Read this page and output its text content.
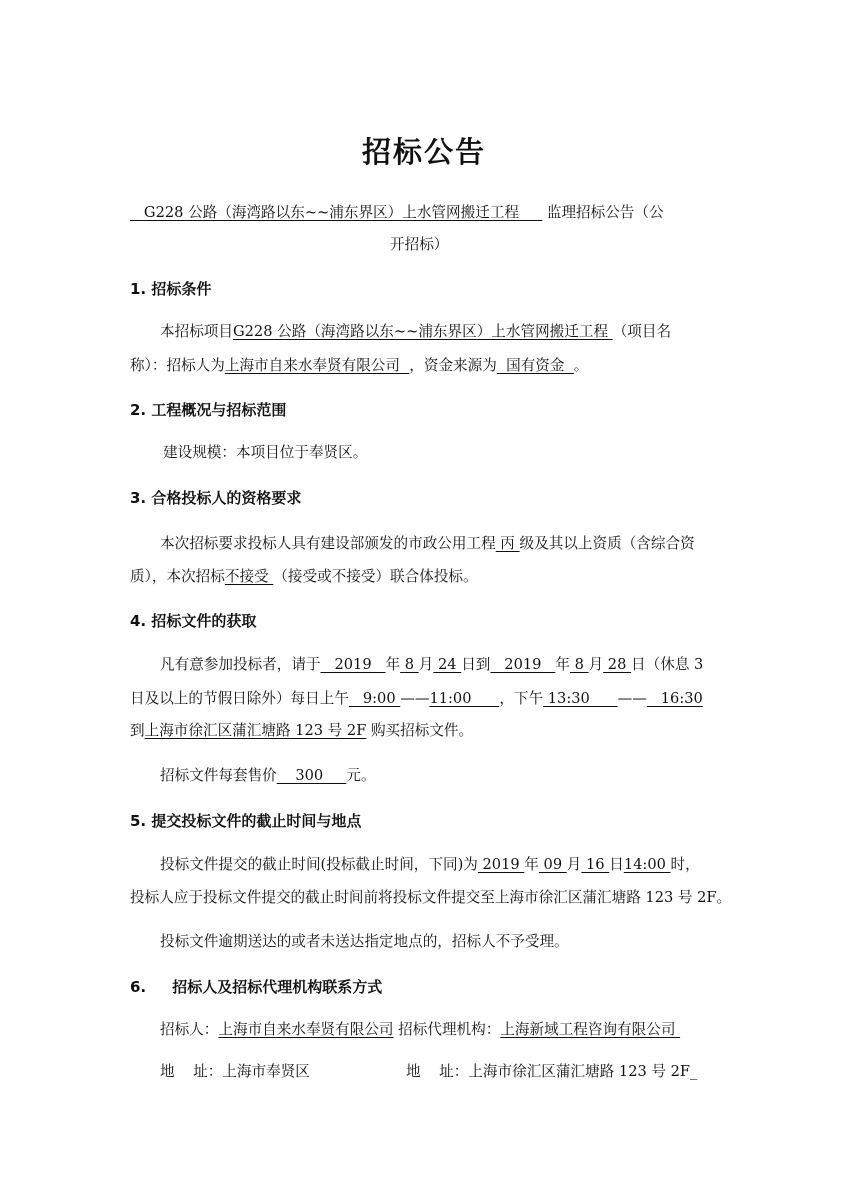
招标公告
G228 公路（海湾路以东~~浦东界区）上水管网搬迁工程 监理招标公告（公
开招标）
1. 招标条件
本招标项目G228 公路（海湾路以东~~浦东界区）上水管网搬迁工程 （项目名
称）：招标人为上海市自来水奉贤有限公司  ，资金来源为  国有资金  。
2. 工程概况与招标范围
建设规模：本项目位于奉贤区。
3. 合格投标人的资格要求
本次招标要求投标人具有建设部颁发的市政公用工程 丙 级及其以上资质（含综合资
质），本次招标不接受 （接受或不接受）联合体投标。
4. 招标文件的获取
凡有意参加投标者，请于   2019   年 8 月 24 日到   2019   年 8 月 28 日（休息 3
日及以上的节假日除外）每日上午   9:00 ——11:00      ，下午 13:30      ——   16:30
到上海市徐汇区蒲汇塘路 123 号 2F 购买招标文件。
招标文件每套售价    300     元。
5. 提交投标文件的截止时间与地点
投标文件提交的截止时间(投标截止时间，下同)为 2019 年 09 月 16 日14:00 时，
投标人应于投标文件提交的截止时间前将投标文件提交至上海市徐汇区蒲汇塘路 123 号 2F。
投标文件逾期送达的或者未送达指定地点的，招标人不予受理。
6.     招标人及招标代理机构联系方式
招标人：上海市自来水奉贤有限公司 招标代理机构：上海新域工程咨询有限公司
地    址：上海市奉贤区	地    址：上海市徐汇区蒲汇塘路 123 号 2F_
